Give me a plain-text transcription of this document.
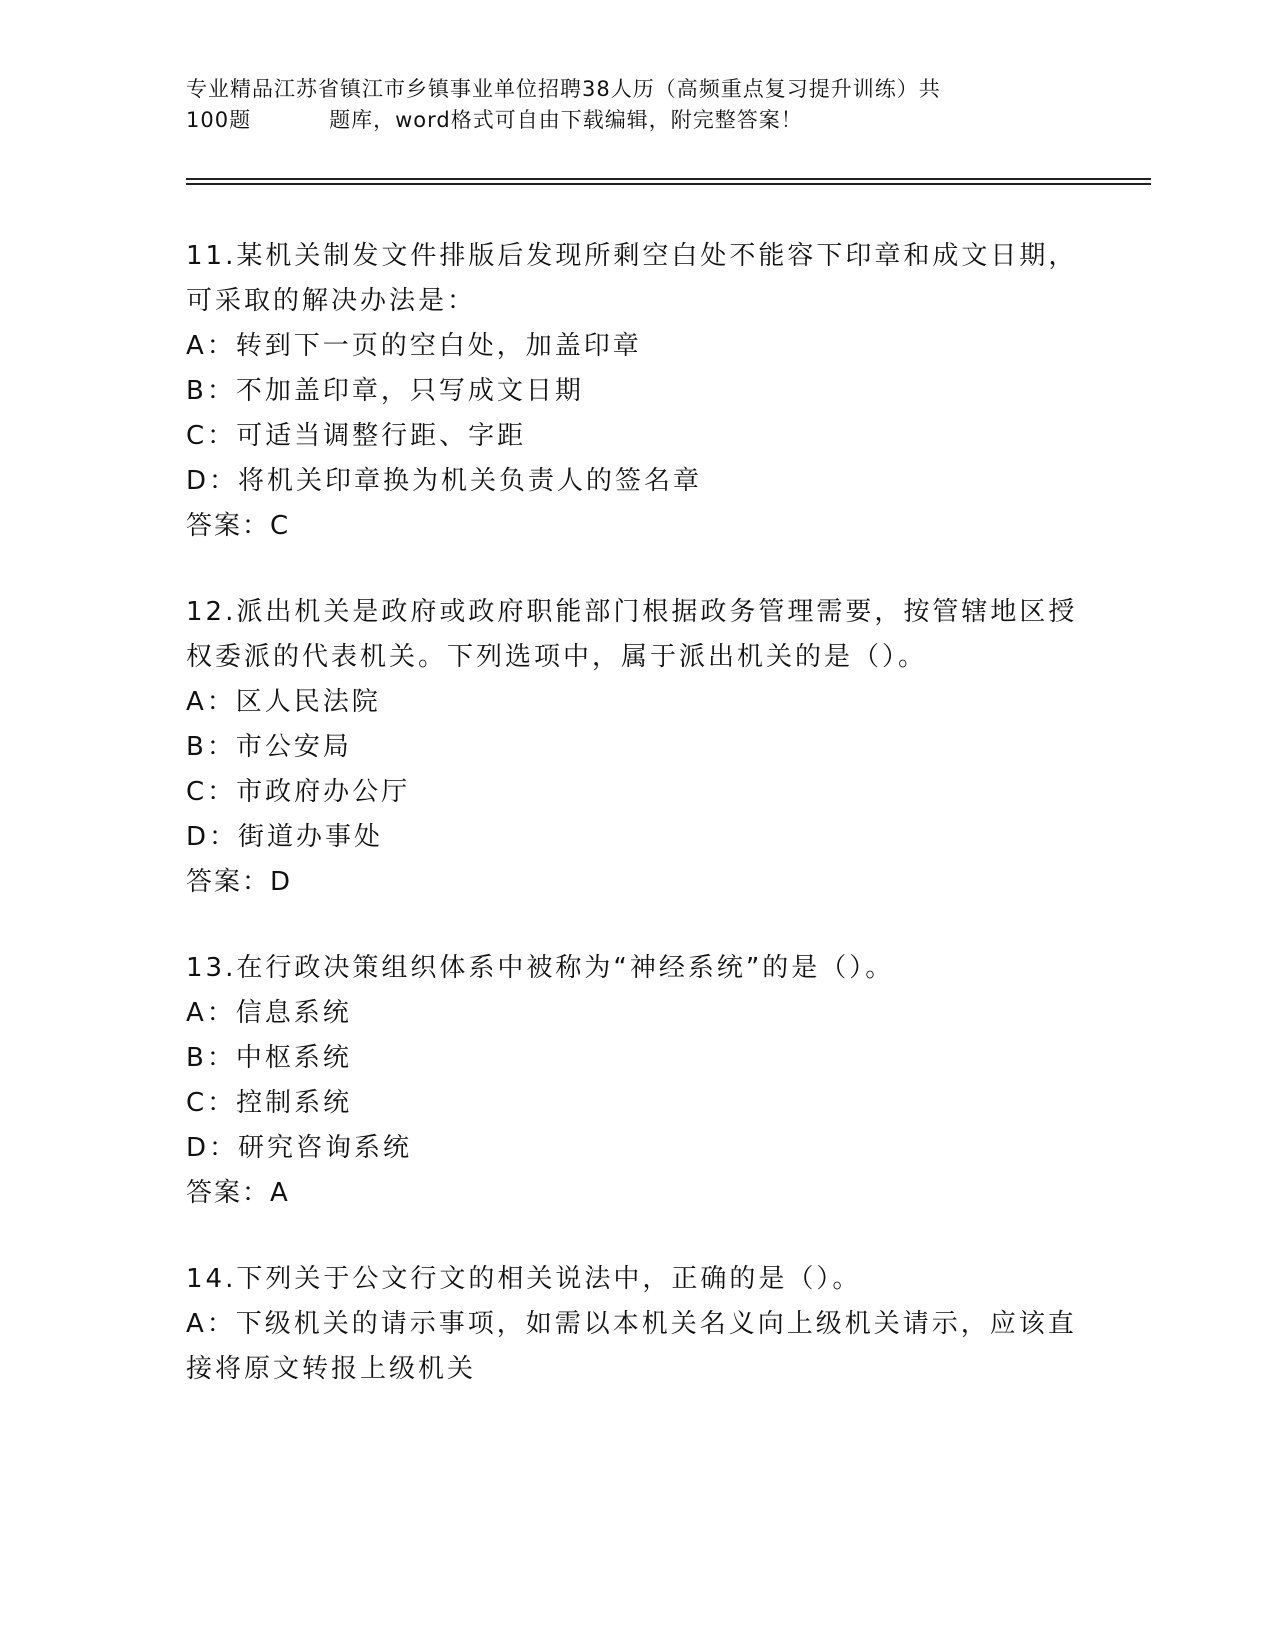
专业精品江苏省镇江市乡镇事业单位招聘38人历（高频重点复习提升训练）共
100题	题库，word格式可自由下载编辑，附完整答案！

11.某机关制发文件排版后发现所剩空白处不能容下印章和成文日期，

可采取的解决办法是：

A：转到下一页的空白处，加盖印章

B：不加盖印章，只写成文日期

C：可适当调整行距、字距

D：将机关印章换为机关负责人的签名章

答案：C

12.派出机关是政府或政府职能部门根据政务管理需要，按管辖地区授

权委派的代表机关。下列选项中，属于派出机关的是（）。

A：区人民法院

B：市公安局

C：市政府办公厅

D：街道办事处

答案：D

13.在行政决策组织体系中被称为“神经系统”的是（）。

A：信息系统

B：中枢系统

C：控制系统

D：研究咨询系统

答案：A

14.下列关于公文行文的相关说法中，正确的是（）。

A：下级机关的请示事项，如需以本机关名义向上级机关请示，应该直

接将原文转报上级机关
